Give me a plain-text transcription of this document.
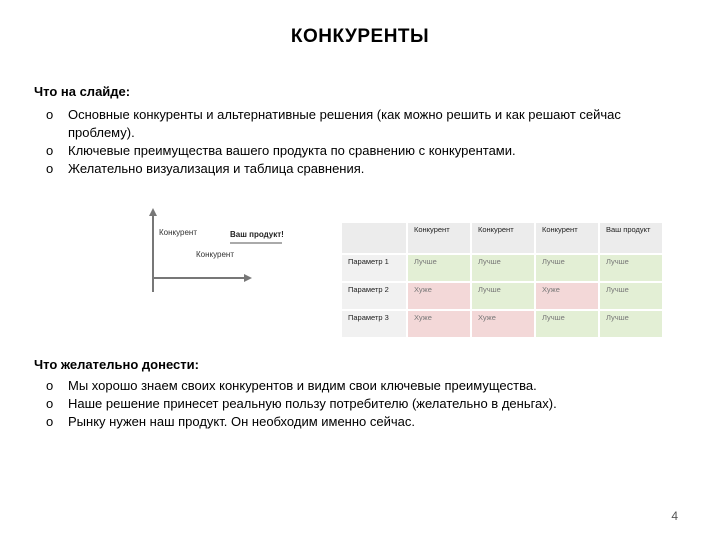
КОНКУРЕНТЫ
Что на слайде:
o Основные конкуренты и альтернативные решения (как можно решить и как решают сейчас проблему).
o Ключевые преимущества вашего продукта по сравнению с конкурентами.
o Желательно визуализация и таблица сравнения.
Конкурент	Ваш продукт!
Конкурент
	Конкурент	Конкурент	Конкурент	Ваш продукт
Параметр 1	Лучше	Лучше	Лучше	Лучше
Параметр 2	Хуже	Лучше	Хуже	Лучше
Параметр 3	Хуже	Хуже	Лучше	Лучше
Что желательно донести:
o Мы хорошо знаем своих конкурентов и видим свои ключевые преимущества.
o Наше решение принесет реальную пользу потребителю (желательно в деньгах).
o Рынку нужен наш продукт. Он необходим именно сейчас.
4
